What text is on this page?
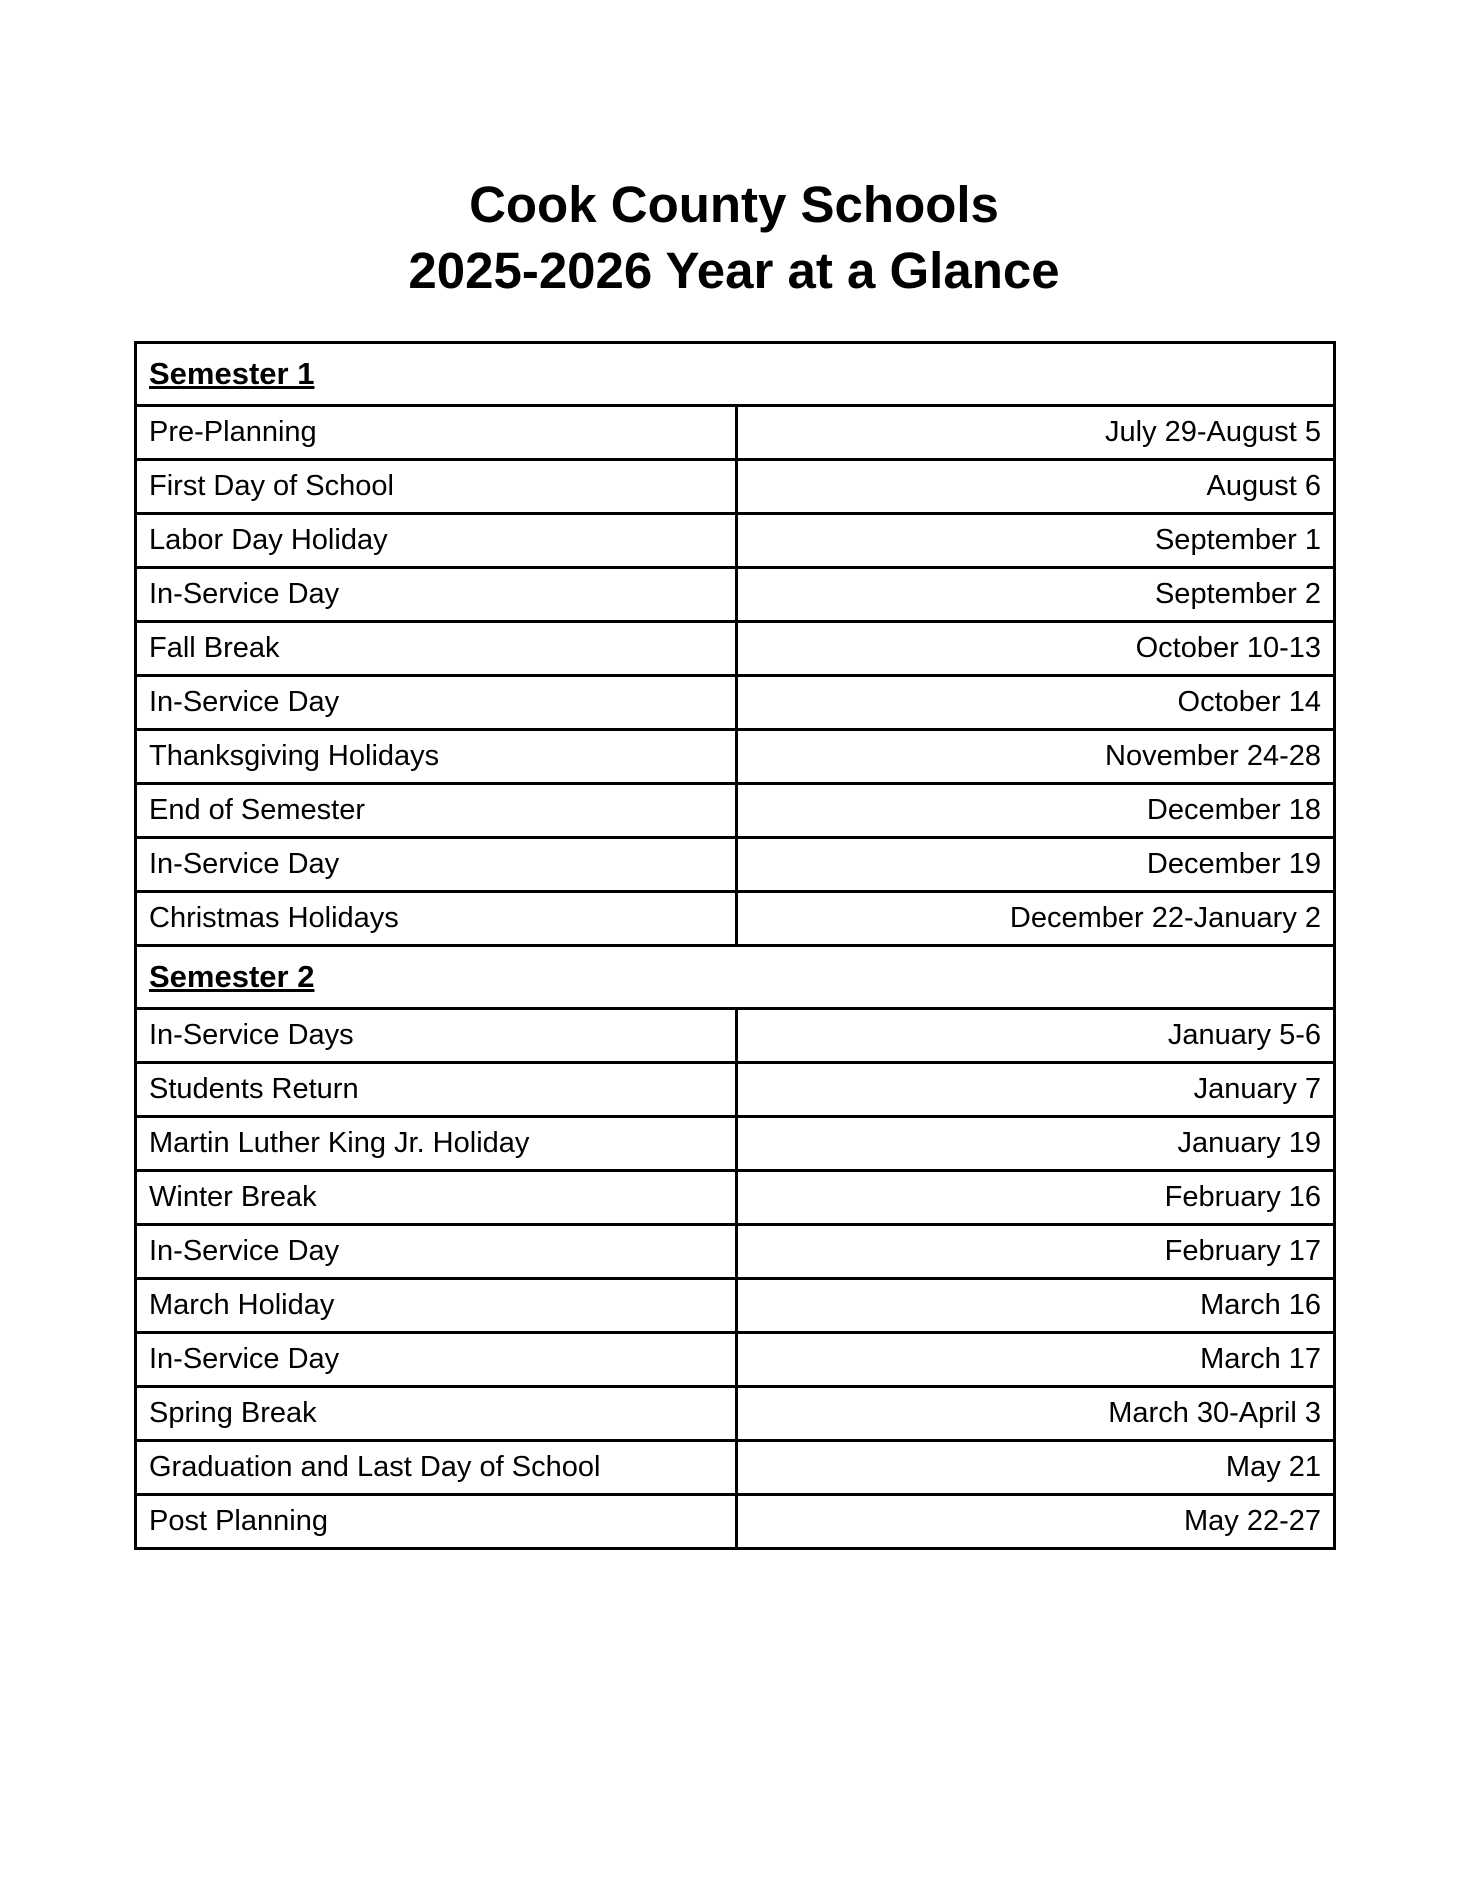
Cook County Schools
2025-2026 Year at a Glance
Semester 1	
Pre-Planning	July 29-August 5
First Day of School	August 6
Labor Day Holiday	September 1
In-Service Day	September 2
Fall Break	October 10-13
In-Service Day	October 14
Thanksgiving Holidays	November 24-28
End of Semester	December 18
In-Service Day	December 19
Christmas Holidays	December 22-January 2
Semester 2	
In-Service Days	January 5-6
Students Return	January 7
Martin Luther King Jr. Holiday	January 19
Winter Break	February 16
In-Service Day	February 17
March Holiday	March 16
In-Service Day	March 17
Spring Break	March 30-April 3
Graduation and Last Day of School	May 21
Post Planning	May 22-27
